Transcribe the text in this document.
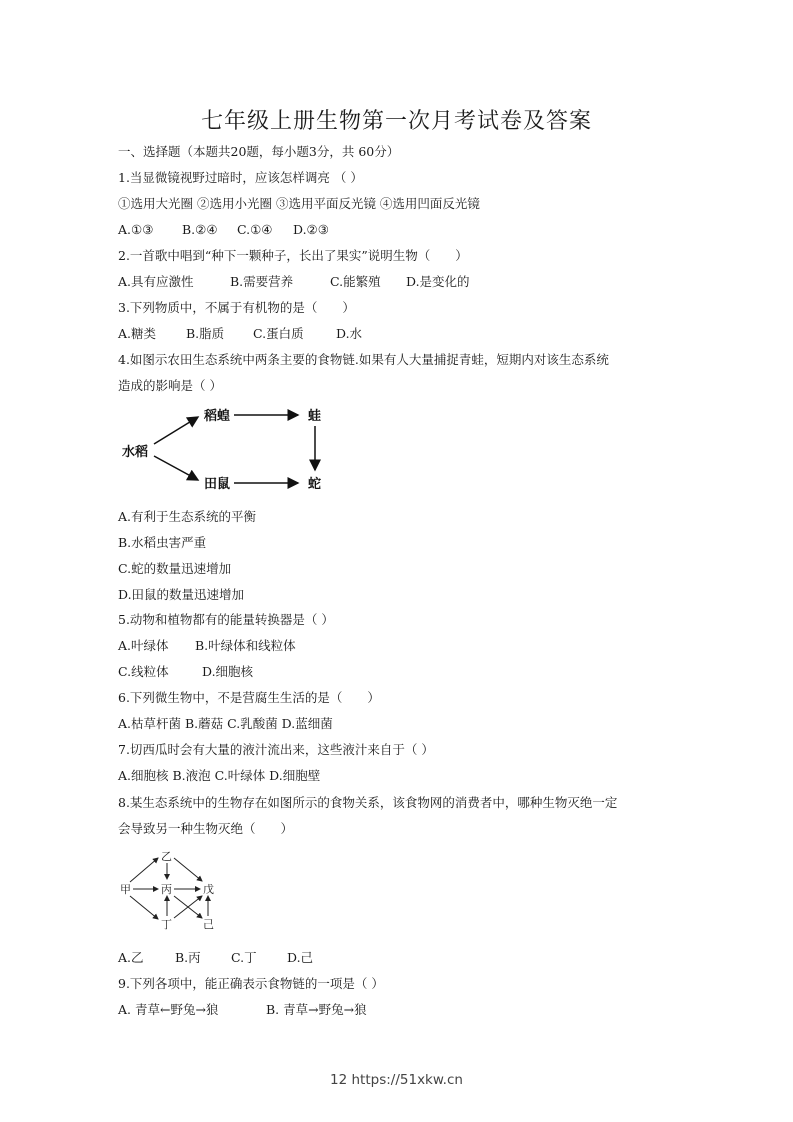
七年级上册生物第一次月考试卷及答案
一、选择题（本题共20题，每小题3分，共 60分）
1.当显微镜视野过暗时，应该怎样调亮 （ ）
①选用大光圈 ②选用小光圈 ③选用平面反光镜 ④选用凹面反光镜
A.①③ B.②④ C.①④ D.②③
2.一首歌中唱到“种下一颗种子，长出了果实”说明生物（　　）
A.具有应激性	B.需要营养	C.能繁殖 D.是变化的
3.下列物质中，不属于有机物的是（　　）
A.糖类 B.脂质 C.蛋白质	D.水
4.如图示农田生态系统中两条主要的食物链.如果有人大量捕捉青蛙，短期内对该生态系统
造成的影响是（ ）
水稻
稻蝗	蛙
田鼠	蛇
A.有利于生态系统的平衡
B.水稻虫害严重
C.蛇的数量迅速增加
D.田鼠的数量迅速增加
5.动物和植物都有的能量转换器是（ ）
A.叶绿体 B.叶绿体和线粒体
C.线粒体	D.细胞核
6.下列微生物中，不是营腐生生活的是（　　）
A.枯草杆菌 B.蘑菇 C.乳酸菌 D.蓝细菌
7.切西瓜时会有大量的液汁流出来，这些液汁来自于（ ）
A.细胞核 B.液泡 C.叶绿体 D.细胞壁
8.某生态系统中的生物存在如图所示的食物关系，该食物网的消费者中，哪种生物灭绝一定
会导致另一种生物灭绝（　　）
乙
甲	丙	戊
丁	己
A.乙	B.丙 C.丁 D.己
9.下列各项中，能正确表示食物链的一项是（ ）
A. 青草←野兔→狼	B. 青草→野兔→狼
12 https://51xkw.cn
